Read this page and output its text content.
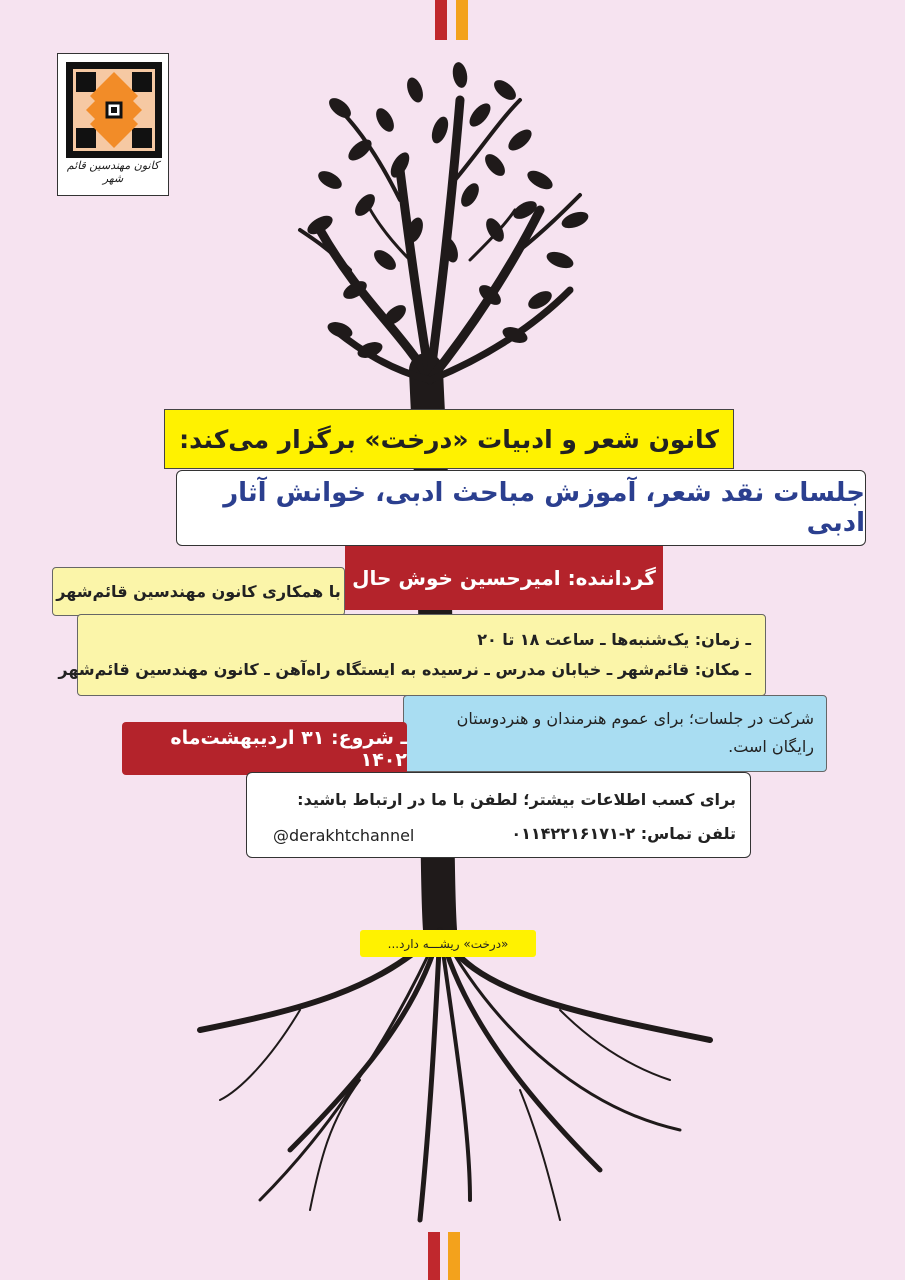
کانون مهندسین قائم شهر
کانون شعر و ادبیات «درخت» برگزار می‌کند:
جلسات نقد شعر، آموزش مباحث ادبی، خوانش آثار ادبی
گرداننده: امیرحسین خوش حال
با همکاری کانون مهندسین قائم‌شهر
ـ زمان: یک‌شنبه‌ها ـ ساعت ۱۸ تا ۲۰
ـ مکان: قائم‌شهر ـ خیابان مدرس ـ نرسیده به ایستگاه راه‌آهن ـ کانون مهندسین قائم‌شهر
شرکت در جلسات؛ برای عموم هنرمندان و هنردوستان
رایگان است.
ـ شروع: ۳۱ اردیبهشت‌ماه ۱۴۰۲
برای کسب اطلاعات بیشتر؛ لطفن با ما در ارتباط باشید:
تلفن تماس: ۰۱۱۴۲۲۱۶۱۷۱-۲
@derakhtchannel
«درخت» ریشـــه دارد...
